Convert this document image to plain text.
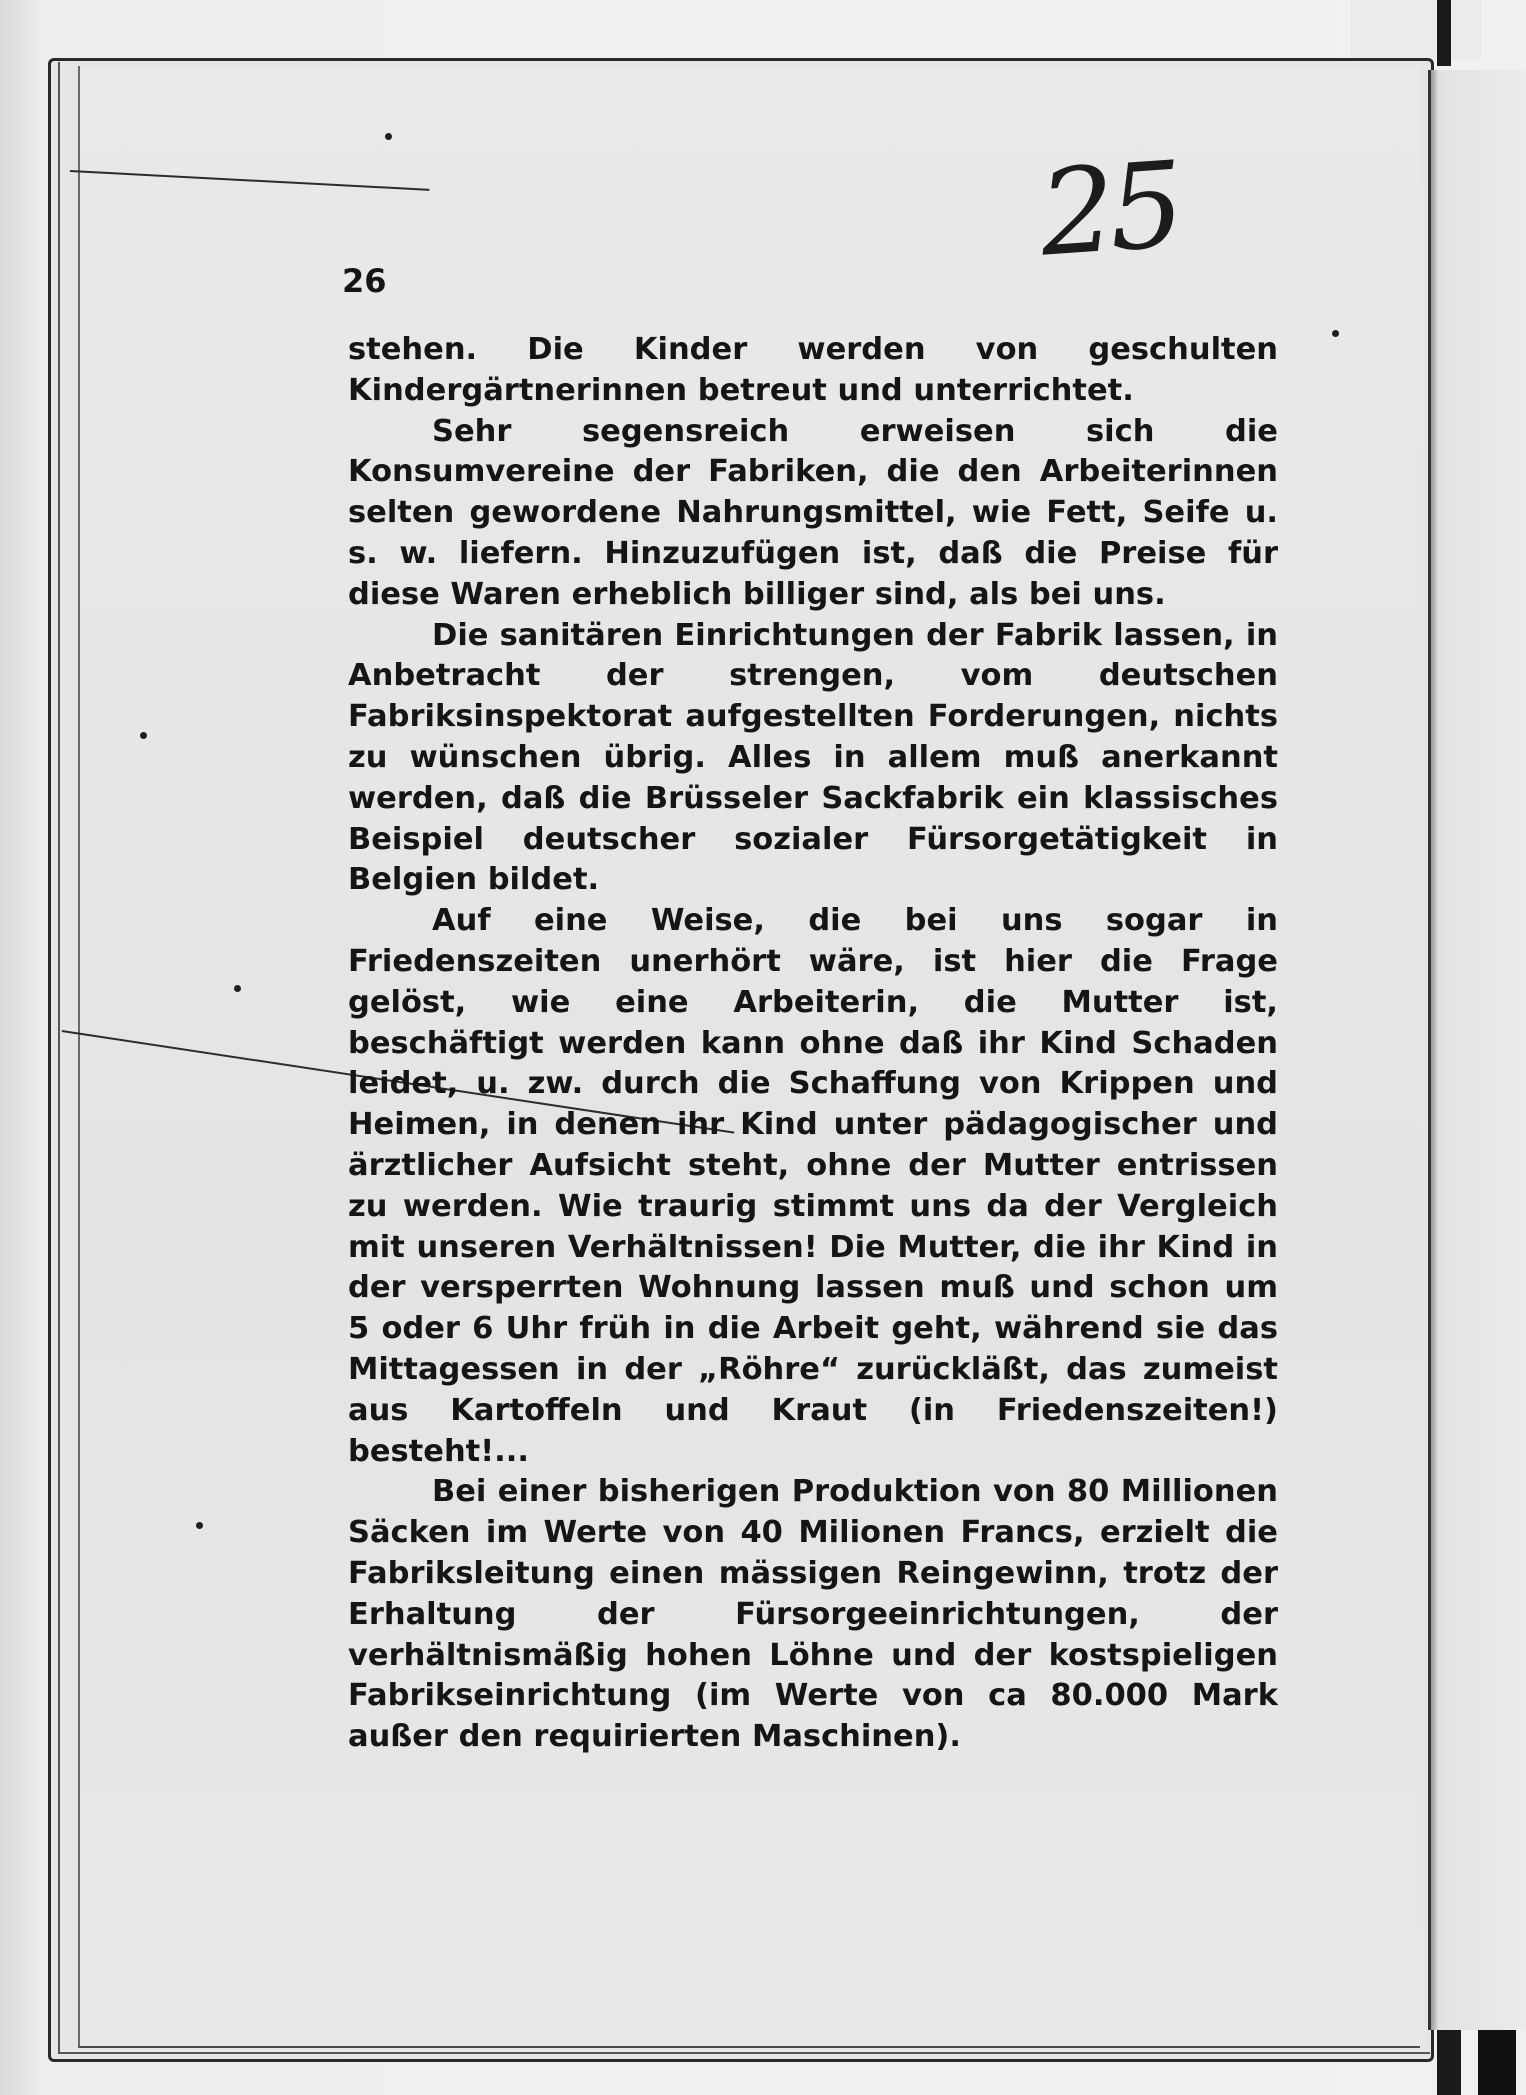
25
26

stehen. Die Kinder werden von geschulten Kindergärtnerinnen betreut und unterrichtet.

Sehr segensreich erweisen sich die Konsumvereine der Fabriken, die den Arbeiterinnen selten gewordene Nahrungsmittel, wie Fett, Seife u. s. w. liefern. Hinzuzufügen ist, daß die Preise für diese Waren erheblich billiger sind, als bei uns.

Die sanitären Einrichtungen der Fabrik lassen, in Anbetracht der strengen, vom deutschen Fabriksinspektorat aufgestellten Forderungen, nichts zu wünschen übrig. Alles in allem muß anerkannt werden, daß die Brüsseler Sackfabrik ein klassisches Beispiel deutscher sozialer Fürsorgetätigkeit in Belgien bildet.

Auf eine Weise, die bei uns sogar in Friedenszeiten unerhört wäre, ist hier die Frage gelöst, wie eine Arbeiterin, die Mutter ist, beschäftigt werden kann ohne daß ihr Kind Schaden leidet, u. zw. durch die Schaffung von Krippen und Heimen, in denen ihr Kind unter pädagogischer und ärztlicher Aufsicht steht, ohne der Mutter entrissen zu werden. Wie traurig stimmt uns da der Vergleich mit unseren Verhältnissen! Die Mutter, die ihr Kind in der versperrten Wohnung lassen muß und schon um 5 oder 6 Uhr früh in die Arbeit geht, während sie das Mittagessen in der „Röhre“ zurückläßt, das zumeist aus Kartoffeln und Kraut (in Friedenszeiten!) besteht!...

Bei einer bisherigen Produktion von 80 Millionen Säcken im Werte von 40 Milionen Francs, erzielt die Fabriksleitung einen mässigen Reingewinn, trotz der Erhaltung der Fürsorgeeinrichtungen, der verhältnismäßig hohen Löhne und der kostspieligen Fabrikseinrichtung (im Werte von ca 80.000 Mark außer den requirierten Maschinen).
